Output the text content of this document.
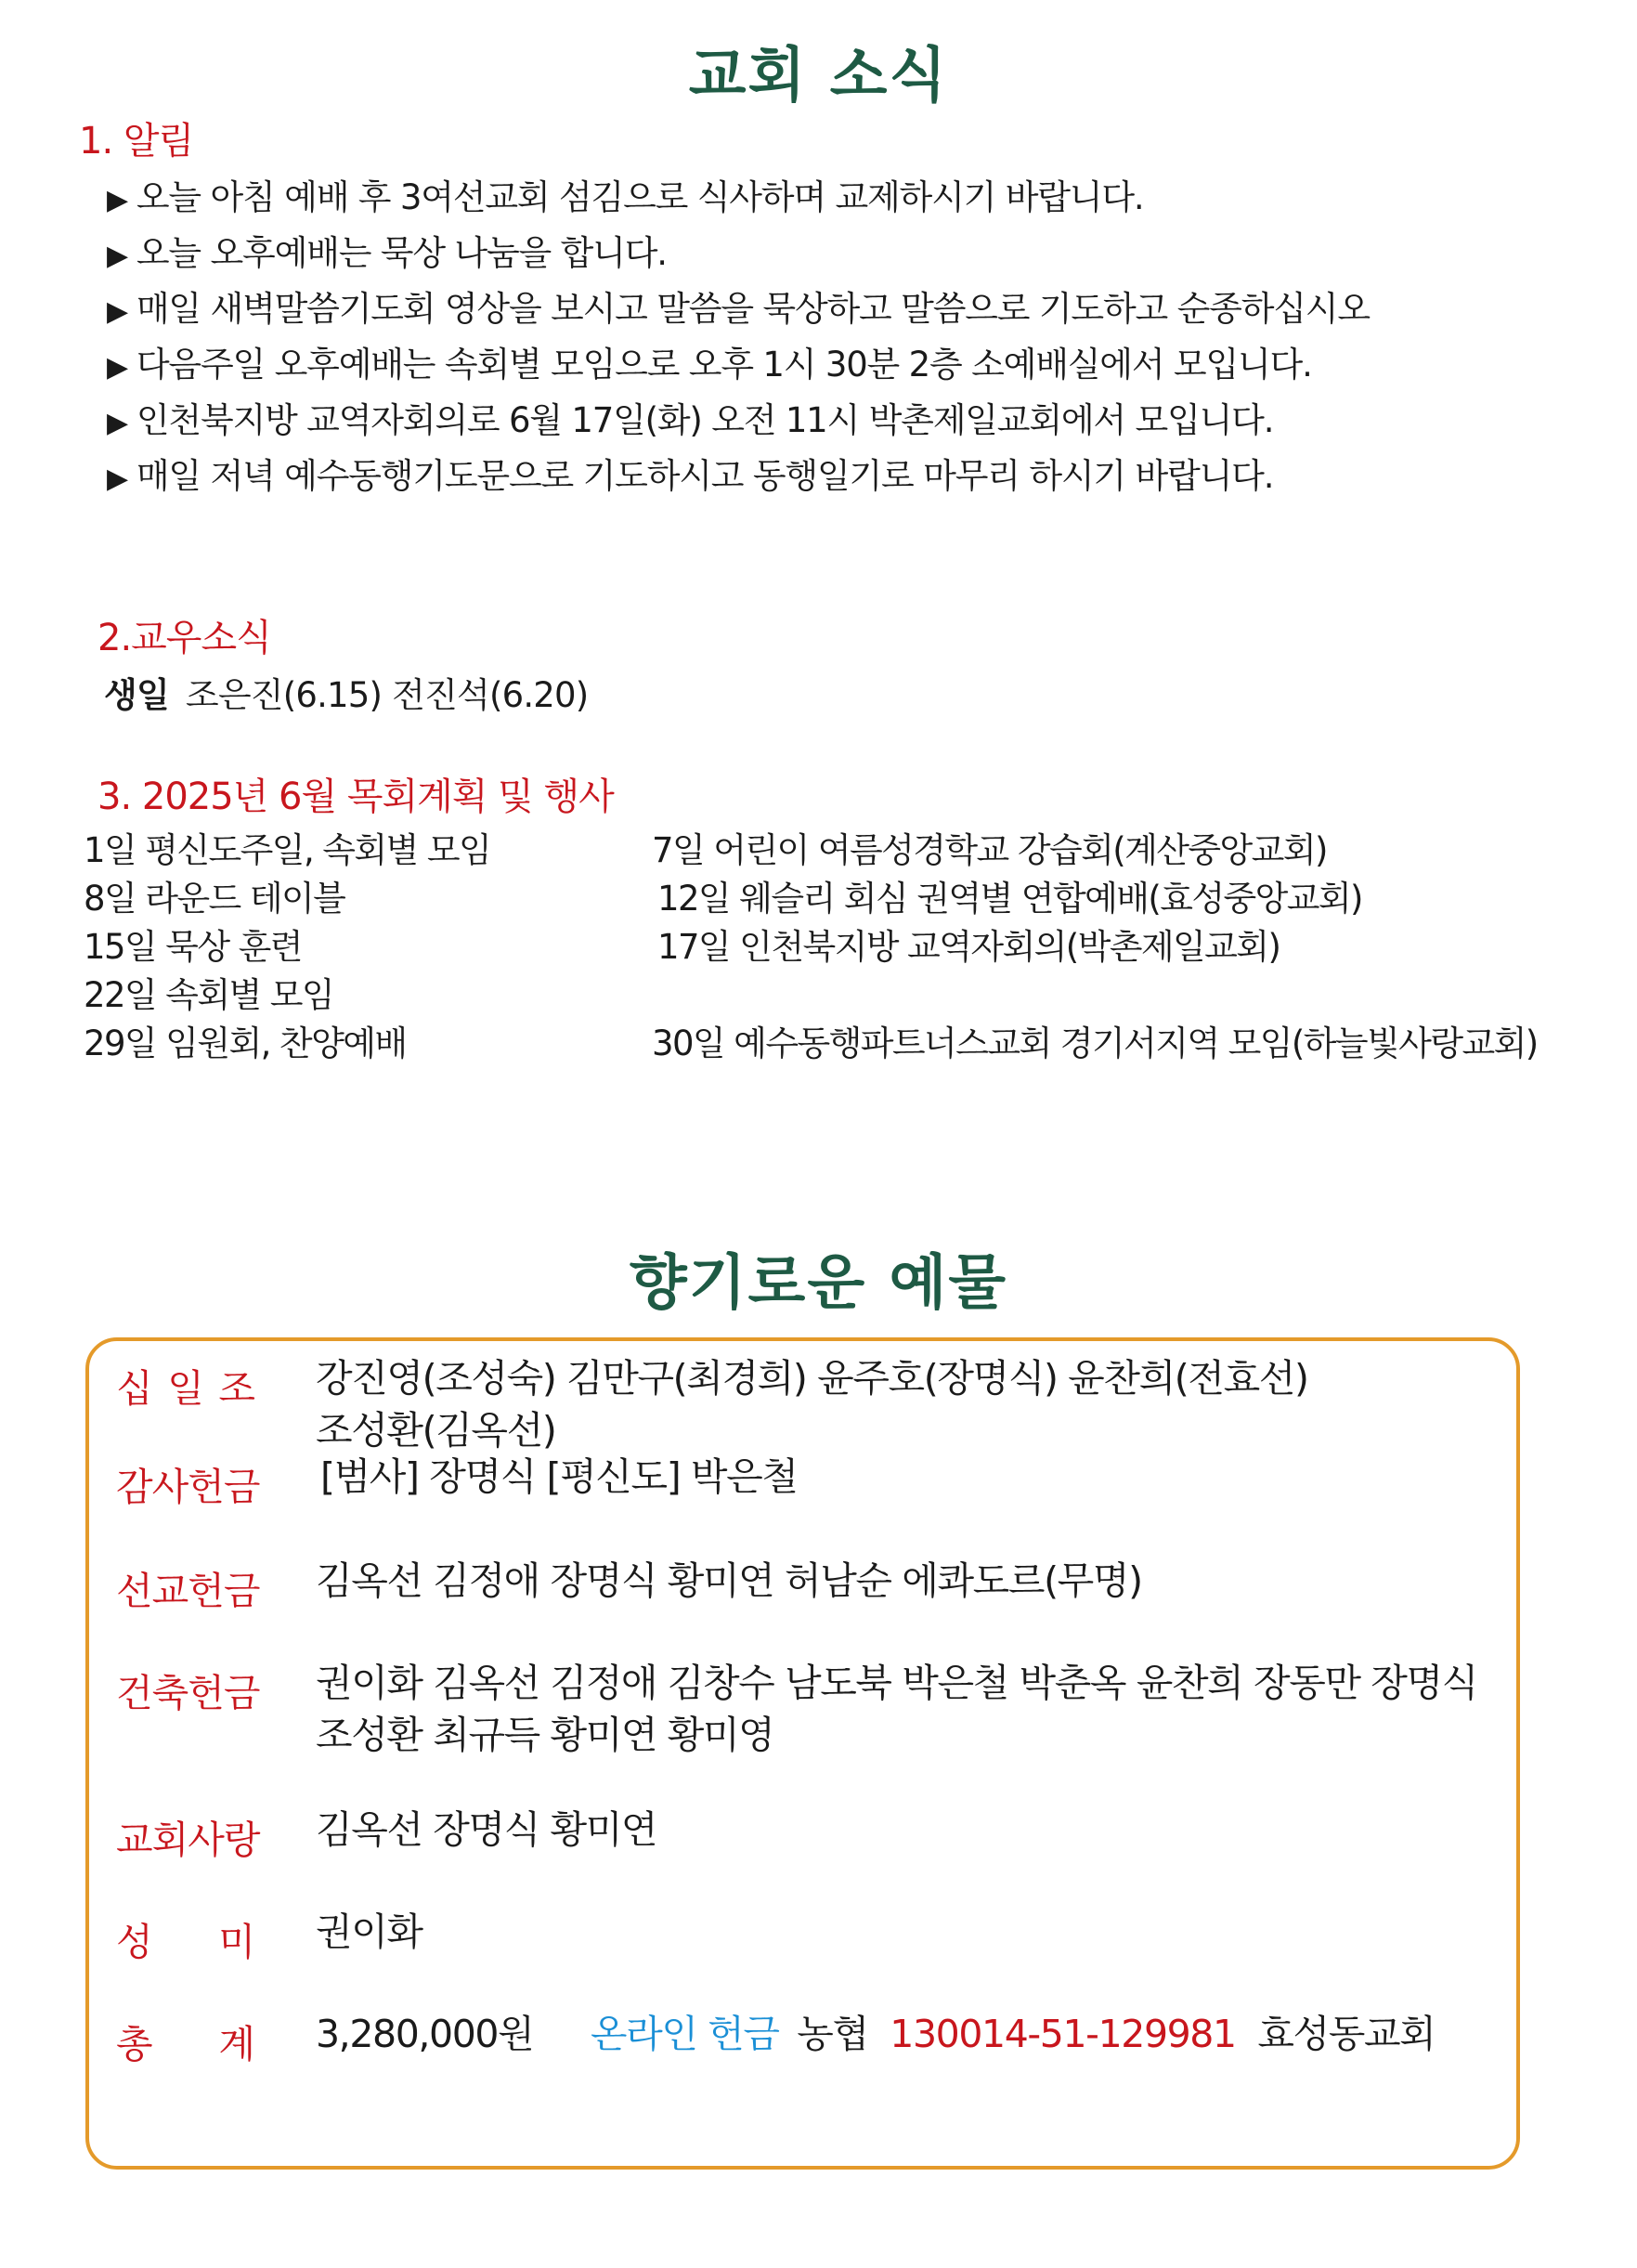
교회 소식
1. 알림
▶ 오늘 아침 예배 후 3여선교회 섬김으로 식사하며 교제하시기 바랍니다.
▶ 오늘 오후예배는 묵상 나눔을 합니다.
▶ 매일 새벽말씀기도회 영상을 보시고 말씀을 묵상하고 말씀으로 기도하고 순종하십시오
▶ 다음주일 오후예배는 속회별 모임으로 오후 1시 30분 2층 소예배실에서 모입니다.
▶ 인천북지방 교역자회의로 6월 17일(화) 오전 11시 박촌제일교회에서 모입니다.
▶ 매일 저녁 예수동행기도문으로 기도하시고 동행일기로 마무리 하시기 바랍니다.
2.교우소식
생일 조은진(6.15) 전진석(6.20)
3. 2025년 6월 목회계획 및 행사
1일 평신도주일, 속회별 모임
8일 라운드 테이블
15일 묵상 훈련
22일 속회별 모임
29일 임원회, 찬양예배
7일 어린이 여름성경학교 강습회(계산중앙교회)
12일 웨슬리 회심 권역별 연합예배(효성중앙교회)
17일 인천북지방 교역자회의(박촌제일교회)
30일 예수동행파트너스교회 경기서지역 모임(하늘빛사랑교회)
향기로운 예물
십 일 조 강진영(조성숙) 김만구(최경희) 윤주호(장명식) 윤찬희(전효선)
조성환(김옥선)
감사헌금 [범사] 장명식 [평신도] 박은철
선교헌금 김옥선 김정애 장명식 황미연 허남순 에콰도르(무명)
건축헌금 권이화 김옥선 김정애 김창수 남도북 박은철 박춘옥 윤찬희 장동만 장명식
조성환 최규득 황미연 황미영
교회사랑 김옥선 장명식 황미연
성 미 권이화
총 계 3,280,000원 온라인 헌금 농협 130014-51-129981 효성동교회
